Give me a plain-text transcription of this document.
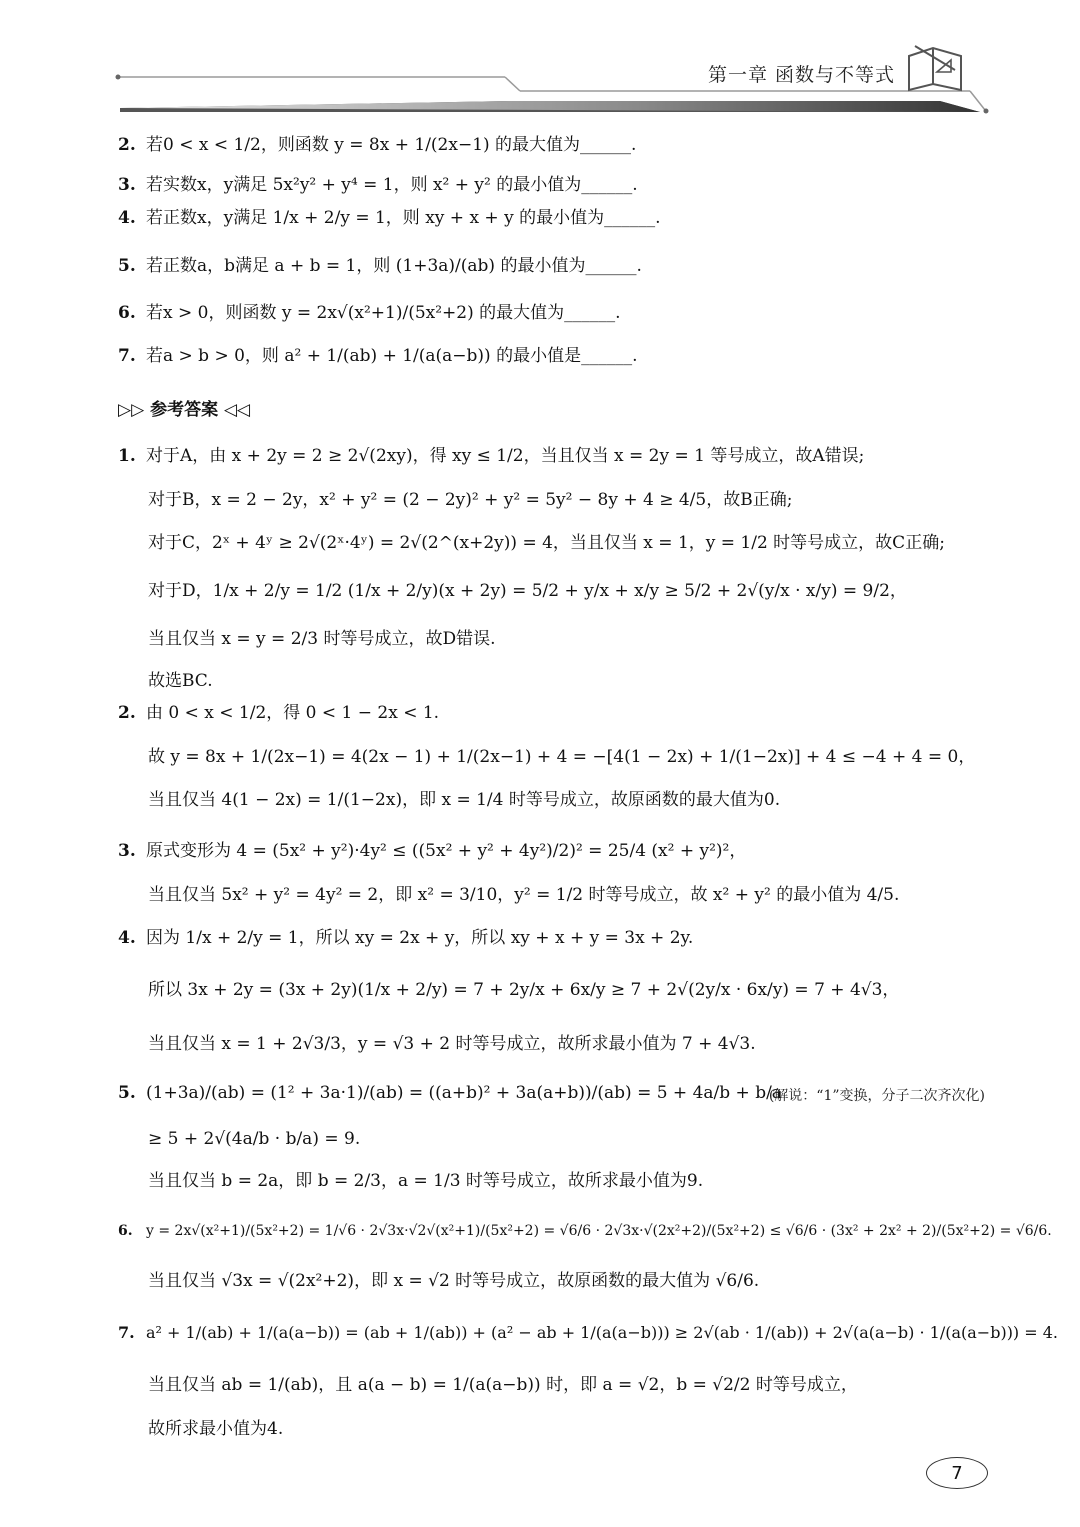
第一章 函数与不等式
2. 若0 < x < 1/2，则函数 y = 8x + 1/(2x−1) 的最大值为______.
3. 若实数x，y满足 5x²y² + y⁴ = 1，则 x² + y² 的最小值为______.
4. 若正数x，y满足 1/x + 2/y = 1，则 xy + x + y 的最小值为______.
5. 若正数a，b满足 a + b = 1，则 (1+3a)/(ab) 的最小值为______.
6. 若x > 0，则函数 y = 2x√(x²+1)/(5x²+2) 的最大值为______.
7. 若a > b > 0，则 a² + 1/(ab) + 1/(a(a−b)) 的最小值是______.
▷▷ 参考答案 ◁◁
1. 对于A，由 x + 2y = 2 ≥ 2√(2xy)，得 xy ≤ 1/2，当且仅当 x = 2y = 1 等号成立，故A错误;
对于B，x = 2 − 2y，x² + y² = (2 − 2y)² + y² = 5y² − 8y + 4 ≥ 4/5，故B正确;
对于C，2ˣ + 4ʸ ≥ 2√(2ˣ·4ʸ) = 2√(2^(x+2y)) = 4，当且仅当 x = 1，y = 1/2 时等号成立，故C正确;
对于D，1/x + 2/y = 1/2 (1/x + 2/y)(x + 2y) = 5/2 + y/x + x/y ≥ 5/2 + 2√(y/x · x/y) = 9/2，
当且仅当 x = y = 2/3 时等号成立，故D错误.
故选BC.
2. 由 0 < x < 1/2，得 0 < 1 − 2x < 1.
故 y = 8x + 1/(2x−1) = 4(2x − 1) + 1/(2x−1) + 4 = −[4(1 − 2x) + 1/(1−2x)] + 4 ≤ −4 + 4 = 0，
当且仅当 4(1 − 2x) = 1/(1−2x)，即 x = 1/4 时等号成立，故原函数的最大值为0.
3. 原式变形为 4 = (5x² + y²)·4y² ≤ ((5x² + y² + 4y²)/2)² = 25/4 (x² + y²)²，
当且仅当 5x² + y² = 4y² = 2，即 x² = 3/10，y² = 1/2 时等号成立，故 x² + y² 的最小值为 4/5.
4. 因为 1/x + 2/y = 1，所以 xy = 2x + y，所以 xy + x + y = 3x + 2y.
所以 3x + 2y = (3x + 2y)(1/x + 2/y) = 7 + 2y/x + 6x/y ≥ 7 + 2√(2y/x · 6x/y) = 7 + 4√3，
当且仅当 x = 1 + 2√3/3，y = √3 + 2 时等号成立，故所求最小值为 7 + 4√3.
5. (1+3a)/(ab) = (1² + 3a·1)/(ab) = ((a+b)² + 3a(a+b))/(ab) = 5 + 4a/b + b/a
(解说：“1”变换，分子二次齐次化)
≥ 5 + 2√(4a/b · b/a) = 9.
当且仅当 b = 2a，即 b = 2/3，a = 1/3 时等号成立，故所求最小值为9.
6. y = 2x√(x²+1)/(5x²+2) = 1/√6 · 2√3x·√2√(x²+1)/(5x²+2) = √6/6 · 2√3x·√(2x²+2)/(5x²+2) ≤ √6/6 · (3x² + 2x² + 2)/(5x²+2) = √6/6.
当且仅当 √3x = √(2x²+2)，即 x = √2 时等号成立，故原函数的最大值为 √6/6.
7. a² + 1/(ab) + 1/(a(a−b)) = (ab + 1/(ab)) + (a² − ab + 1/(a(a−b))) ≥ 2√(ab · 1/(ab)) + 2√(a(a−b) · 1/(a(a−b))) = 4.
当且仅当 ab = 1/(ab)，且 a(a − b) = 1/(a(a−b)) 时，即 a = √2，b = √2/2 时等号成立，
故所求最小值为4.
7
